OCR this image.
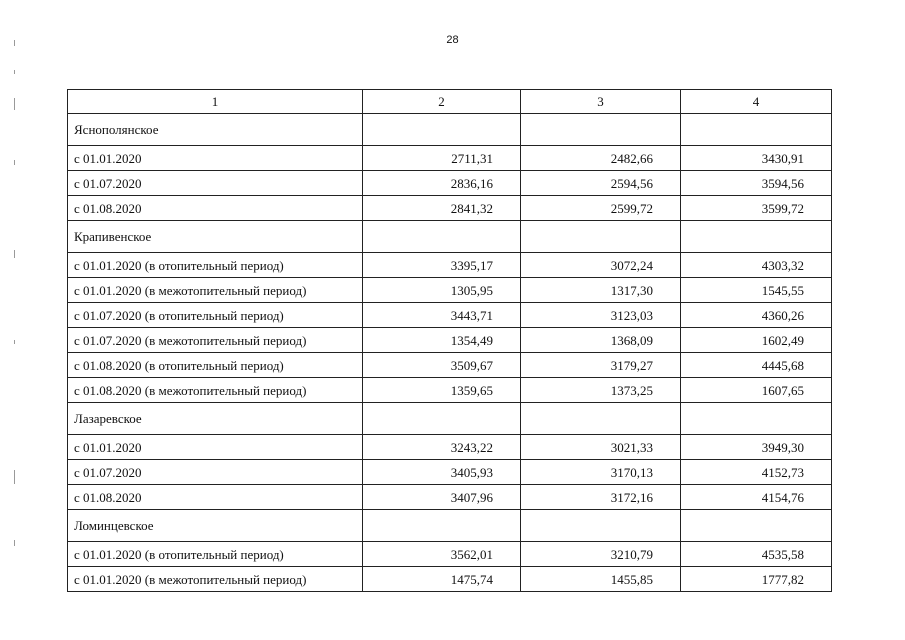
28
1	2	3	4
Яснополянское			
с 01.01.2020	2711,31	2482,66	3430,91
с 01.07.2020	2836,16	2594,56	3594,56
с 01.08.2020	2841,32	2599,72	3599,72
Крапивенское			
с 01.01.2020 (в отопительный период)	3395,17	3072,24	4303,32
с 01.01.2020 (в межотопительный период)	1305,95	1317,30	1545,55
с 01.07.2020 (в отопительный период)	3443,71	3123,03	4360,26
с 01.07.2020 (в межотопительный период)	1354,49	1368,09	1602,49
с 01.08.2020 (в отопительный период)	3509,67	3179,27	4445,68
с 01.08.2020 (в межотопительный период)	1359,65	1373,25	1607,65
Лазаревское			
с 01.01.2020	3243,22	3021,33	3949,30
с 01.07.2020	3405,93	3170,13	4152,73
с 01.08.2020	3407,96	3172,16	4154,76
Ломинцевское			
с 01.01.2020 (в отопительный период)	3562,01	3210,79	4535,58
с 01.01.2020 (в межотопительный период)	1475,74	1455,85	1777,82
